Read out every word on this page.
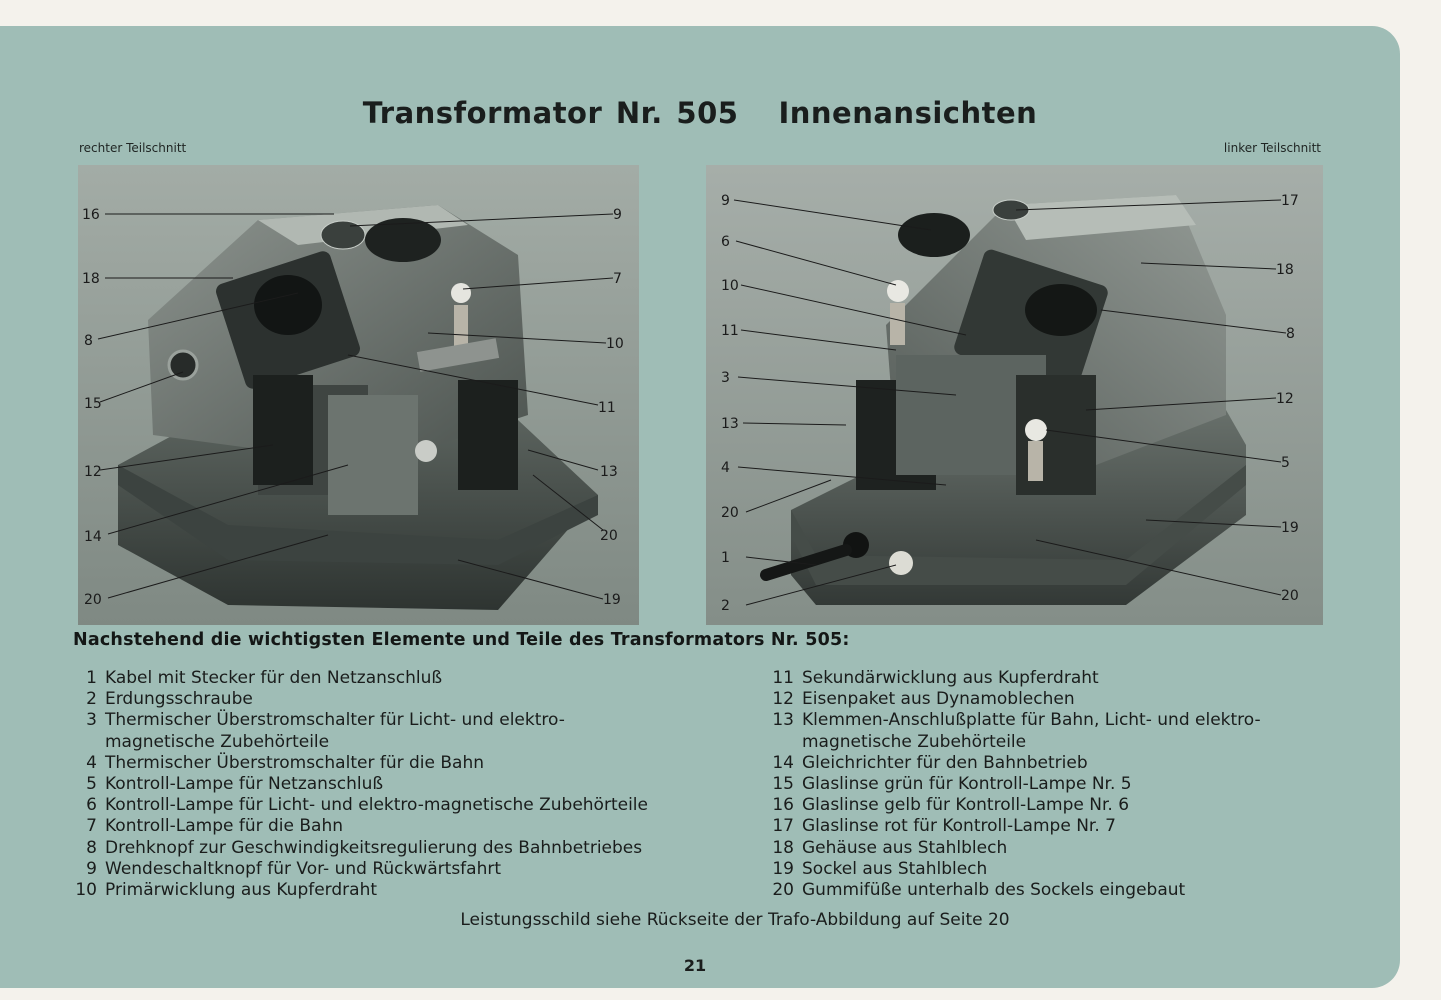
Transformator Nr. 505 Innenansichten
rechter Teilschnitt	linker Teilschnitt
16
18
8
15
12
14
20
9
7
10
11
13
20
19
9
6
10
11
3
13
4
20
1
2
17
18
8
12
5
19
20
Nachstehend die wichtigsten Elemente und Teile des Transformators Nr. 505:
1 Kabel mit Stecker für den Netzanschluß
2 Erdungsschraube
3 Thermischer Überstromschalter für Licht- und elektro-
magnetische Zubehörteile
4 Thermischer Überstromschalter für die Bahn
5 Kontroll-Lampe für Netzanschluß
6 Kontroll-Lampe für Licht- und elektro-magnetische Zubehörteile
7 Kontroll-Lampe für die Bahn
8 Drehknopf zur Geschwindigkeitsregulierung des Bahnbetriebes
9 Wendeschaltknopf für Vor- und Rückwärtsfahrt
10 Primärwicklung aus Kupferdraht
11 Sekundärwicklung aus Kupferdraht
12 Eisenpaket aus Dynamoblechen
13 Klemmen-Anschlußplatte für Bahn, Licht- und elektro-
magnetische Zubehörteile
14 Gleichrichter für den Bahnbetrieb
15 Glaslinse grün für Kontroll-Lampe Nr. 5
16 Glaslinse gelb für Kontroll-Lampe Nr. 6
17 Glaslinse rot für Kontroll-Lampe Nr. 7
18 Gehäuse aus Stahlblech
19 Sockel aus Stahlblech
20 Gummifüße unterhalb des Sockels eingebaut
Leistungsschild siehe Rückseite der Trafo-Abbildung auf Seite 20
21
